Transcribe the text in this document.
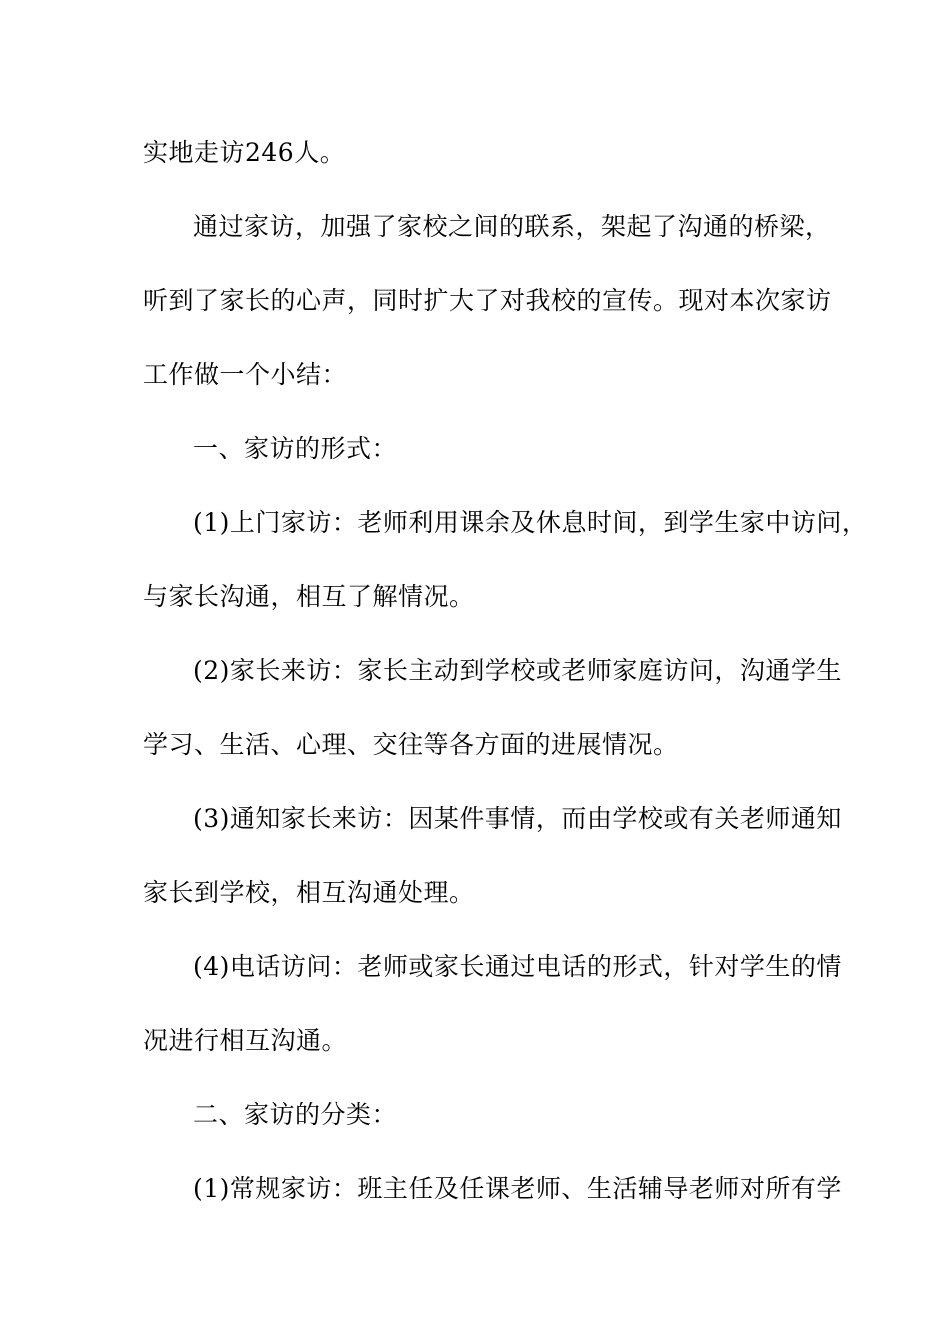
实地走访246人。
通过家访，加强了家校之间的联系，架起了沟通的桥梁，
听到了家长的心声，同时扩大了对我校的宣传。现对本次家访
工作做一个小结：
一、家访的形式：
(1)上门家访：老师利用课余及休息时间，到学生家中访问，
与家长沟通，相互了解情况。
(2)家长来访：家长主动到学校或老师家庭访问，沟通学生
学习、生活、心理、交往等各方面的进展情况。
(3)通知家长来访：因某件事情，而由学校或有关老师通知
家长到学校，相互沟通处理。
(4)电话访问：老师或家长通过电话的形式，针对学生的情
况进行相互沟通。
二、家访的分类：
(1)常规家访：班主任及任课老师、生活辅导老师对所有学
